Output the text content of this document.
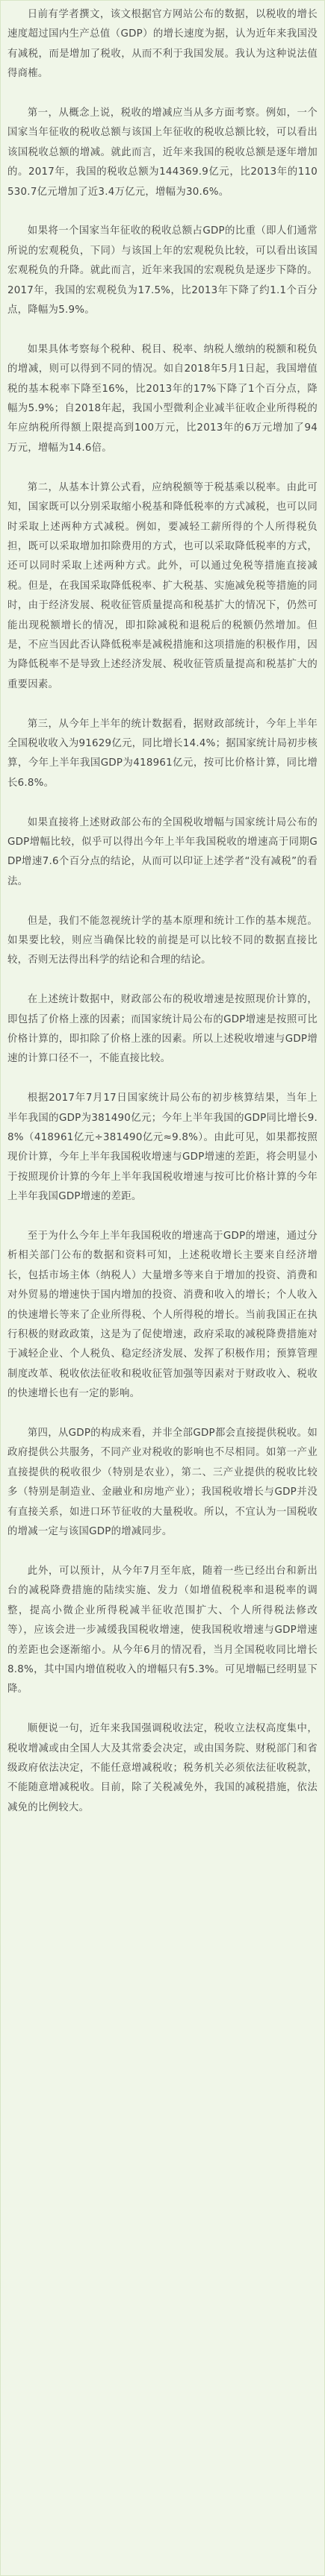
日前有学者撰文，该文根据官方网站公布的数据，以税收的增长速度超过国内生产总值（GDP）的增长速度为据，认为近年来我国没有减税，而是增加了税收，从而不利于我国发展。我认为这种说法值得商榷。

第一，从概念上说，税收的增减应当从多方面考察。例如，一个国家当年征收的税收总额与该国上年征收的税收总额比较，可以看出该国税收总额的增减。就此而言，近年来我国的税收总额是逐年增加的。2017年，我国的税收总额为144369.9亿元，比2013年的110530.7亿元增加了近3.4万亿元，增幅为30.6%。

如果将一个国家当年征收的税收总额占GDP的比重（即人们通常所说的宏观税负，下同）与该国上年的宏观税负比较，可以看出该国宏观税负的升降。就此而言，近年来我国的宏观税负是逐步下降的。2017年，我国的宏观税负为17.5%，比2013年下降了约1.1个百分点，降幅为5.9%。

如果具体考察每个税种、税目、税率、纳税人缴纳的税额和税负的增减，则可以得到不同的情况。如自2018年5月1日起，我国增值税的基本税率下降至16%，比2013年的17%下降了1个百分点，降幅为5.9%；自2018年起，我国小型微利企业减半征收企业所得税的年应纳税所得额上限提高到100万元，比2013年的6万元增加了94万元，增幅为14.6倍。

第二，从基本计算公式看，应纳税额等于税基乘以税率。由此可知，国家既可以分别采取缩小税基和降低税率的方式减税，也可以同时采取上述两种方式减税。例如，要减轻工薪所得的个人所得税负担，既可以采取增加扣除费用的方式，也可以采取降低税率的方式，还可以同时采取上述两种方式。此外，可以通过免税等措施直接减税。但是，在我国采取降低税率、扩大税基、实施减免税等措施的同时，由于经济发展、税收征管质量提高和税基扩大的情况下，仍然可能出现税额增长的情况，即扣除减税和退税后的税额仍然增加。但是，不应当因此否认降低税率是减税措施和这项措施的积极作用，因为降低税率不是导致上述经济发展、税收征管质量提高和税基扩大的重要因素。

第三，从今年上半年的统计数据看，据财政部统计，今年上半年全国税收收入为91629亿元，同比增长14.4%；据国家统计局初步核算，今年上半年我国GDP为418961亿元，按可比价格计算，同比增长6.8%。

如果直接将上述财政部公布的全国税收增幅与国家统计局公布的GDP增幅比较，似乎可以得出今年上半年我国税收的增速高于同期GDP增速7.6个百分点的结论，从而可以印证上述学者“没有减税”的看法。

但是，我们不能忽视统计学的基本原理和统计工作的基本规范。如果要比较，则应当确保比较的前提是可以比较不同的数据直接比较，否则无法得出科学的结论和合理的结论。

在上述统计数据中，财政部公布的税收增速是按照现价计算的，即包括了价格上涨的因素；而国家统计局公布的GDP增速是按照可比价格计算的，即扣除了价格上涨的因素。所以上述税收增速与GDP增速的计算口径不一，不能直接比较。

根据2017年7月17日国家统计局公布的初步核算结果，当年上半年我国的GDP为381490亿元；今年上半年我国的GDP同比增长9.8%（418961亿元÷381490亿元≈9.8%）。由此可见，如果都按照现价计算，今年上半年我国税收增速与GDP增速的差距，将会明显小于按照现价计算的今年上半年我国税收增速与按可比价格计算的今年上半年我国GDP增速的差距。

至于为什么今年上半年我国税收的增速高于GDP的增速，通过分析相关部门公布的数据和资料可知，上述税收增长主要来自经济增长，包括市场主体（纳税人）大量增多等来自于增加的投资、消费和对外贸易的增速快于国内增加的投资、消费和收入的增长；个人收入的快速增长等来了企业所得税、个人所得税的增长。当前我国正在执行积极的财政政策，这是为了促使增速，政府采取的减税降费措施对于减轻企业、个人税负、稳定经济发展、发挥了积极作用；预算管理制度改革、税收依法征收和税收征管加强等因素对于财政收入、税收的快速增长也有一定的影响。

第四，从GDP的构成来看，并非全部GDP都会直接提供税收。如政府提供公共服务，不同产业对税收的影响也不尽相同。如第一产业直接提供的税收很少（特别是农业），第二、三产业提供的税收比较多（特别是制造业、金融业和房地产业）；我国税收增长与GDP并没有直接关系，如进口环节征收的大量税收。所以，不宜认为一国税收的增减一定与该国GDP的增减同步。

此外，可以预计，从今年7月至年底，随着一些已经出台和新出台的减税降费措施的陆续实施、发力（如增值税税率和退税率的调整，提高小微企业所得税减半征收范围扩大、个人所得税法修改等），应该会进一步减缓我国税收增速，使我国税收增速与GDP增速的差距也会逐渐缩小。从今年6月的情况看，当月全国税收同比增长8.8%，其中国内增值税收入的增幅只有5.3%。可见增幅已经明显下降。

顺便说一句，近年来我国强调税收法定，税收立法权高度集中，税收增减或由全国人大及其常委会决定，或由国务院、财税部门和省级政府依法决定，不能任意增减税收；税务机关必须依法征收税款，不能随意增减税收。目前，除了关税减免外，我国的减税措施，依法减免的比例较大。
